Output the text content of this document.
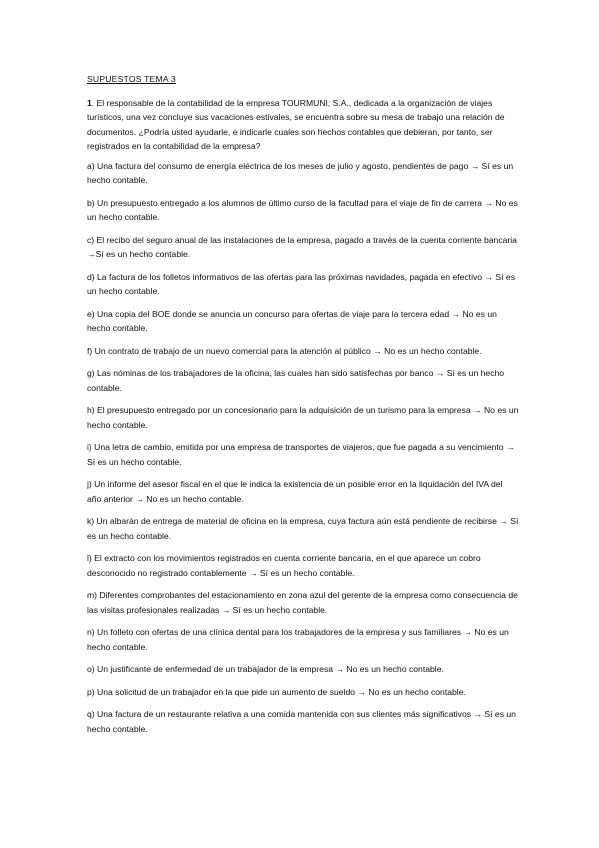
SUPUESTOS TEMA 3

1. El responsable de la contabilidad de la empresa TOURMUNI, S.A., dedicada a la organización de viajes turísticos, una vez concluye sus vacaciones estivales, se encuentra sobre su mesa de trabajo una relación de documentos. ¿Podría usted ayudarle, e indicarle cuales son hechos contables que debieran, por tanto, ser registrados en la contabilidad de la empresa?

a) Una factura del consumo de energía eléctrica de los meses de julio y agosto, pendientes de pago → Sí es un hecho contable.

b) Un presupuesto entregado a los alumnos de último curso de la facultad para el viaje de fin de carrera → No es un hecho contable.

c) El recibo del seguro anual de las instalaciones de la empresa, pagado a través de la cuenta corriente bancaria →Sí es un hecho contable.

d) La factura de los folletos informativos de las ofertas para las próximas navidades, pagada en efectivo → Sí es un hecho contable.

e) Una copia del BOE donde se anuncia un concurso para ofertas de viaje para la tercera edad → No es un hecho contable.

f) Un contrato de trabajo de un nuevo comercial para la atención al público → No es un hecho contable.

g) Las nóminas de los trabajadores de la oficina, las cuales han sido satisfechas por banco → Sí es un hecho contable.

h) El presupuesto entregado por un concesionario para la adquisición de un turismo para la empresa → No es un hecho contable.

i) Una letra de cambio, emitida por una empresa de transportes de viajeros, que fue pagada a su vencimiento → Sí es un hecho contable.

j) Un informe del asesor fiscal en el que le indica la existencia de un posible error en la liquidación del IVA del año anterior → No es un hecho contable.

k) Un albarán de entrega de material de oficina en la empresa, cuya factura aún está pendiente de recibirse → Sí es un hecho contable.

l) El extracto con los movimientos registrados en cuenta corriente bancaria, en el que aparece un cobro desconocido no registrado contablemente → Sí es un hecho contable.

m) Diferentes comprobantes del estacionamiento en zona azul del gerente de la empresa como consecuencia de las visitas profesionales realizadas → Sí es un hecho contable.

n) Un folleto con ofertas de una clínica dental para los trabajadores de la empresa y sus familiares → No es un hecho contable.

o) Un justificante de enfermedad de un trabajador de la empresa → No es un hecho contable.

p) Una solicitud de un trabajador en la que pide un aumento de sueldo → No es un hecho contable.

q) Una factura de un restaurante relativa a una comida mantenida con sus clientes más significativos → Sí es un hecho contable.
